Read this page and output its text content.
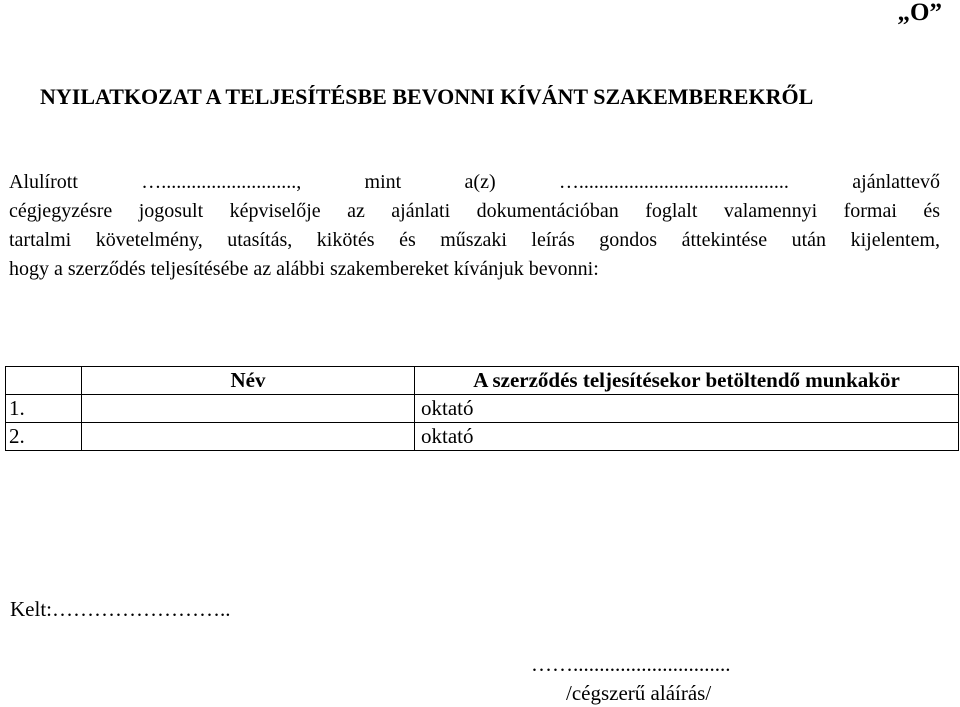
„O”
NYILATKOZAT A TELJESÍTÉSBE BEVONNI KÍVÁNT SZAKEMBEREKRŐL
Alulírott …..........................., mint a(z) ….......................................... ajánlattevő
cégjegyzésre jogosult képviselője az ajánlati dokumentációban foglalt valamennyi formai és
tartalmi követelmény, utasítás, kikötés és műszaki leírás gondos áttekintése után kijelentem,
hogy a szerződés teljesítésébe az alábbi szakembereket kívánjuk bevonni:
	Név	A szerződés teljesítésekor betöltendő munkakör
1.		oktató
2.		oktató
Kelt:……………………..
……..............................
/cégszerű aláírás/
